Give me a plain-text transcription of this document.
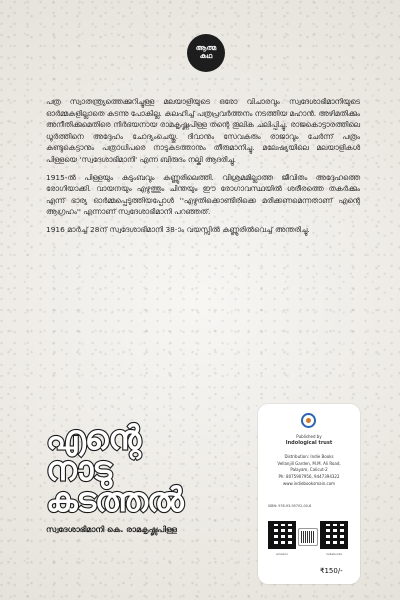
ആത്മ
കഥ

പത്ര സ്വാതന്ത്ര്യത്തെക്കുറിച്ചുള്ള മലയാളിയുടെ ഒരോ വിചാരവും സ്വദേശാഭിമാനിയുടെ ഓർമ്മകളില്ലാതെ കടന്നു പോകില്ല. കലഹിച്ച് പത്രപ്രവർത്തനം നടത്തിയ മഹാൻ. അഴിമതിക്കും അനീതിക്കുമെതിരെ നിർഭയനായ രാമകൃഷ്ണപിള്ള തന്റെ തൂലിക ചലിപ്പിച്ചു. രാജകൊട്ടാരത്തിലെ ധൂർത്തിനെ അദ്ദേഹം ചോദ്യംചെയ്തു. ദിവാനും സേവകരും രാജാവും ചേർന്ന് പത്രം കണ്ടുകെട്ടാനും പത്രാധിപരെ നാടുകടത്താനും തീരുമാനിച്ചു. മലേഷ്യയിലെ മലയാളികൾ പിള്ളയെ 'സ്വദേശാഭിമാനി' എന്ന ബിരുദം നല്കി ആദരിച്ചു.

1915-ൽ പിള്ളയും കുടുംബവും കണ്ണൂരിലെത്തി. വിശ്രമമില്ലാത്ത ജീവിതം അദ്ദേഹത്തെ രോഗിയാക്കി. വായനയും എഴുത്തും ചിന്തയും ഈ രോഗാവസ്ഥയിൽ ശരീരത്തെ തകർക്കും എന്ന് ഭാര്യ ഓർമ്മപ്പെടുത്തിയപ്പോൾ ''എഴുതിക്കൊണ്ടിരിക്കെ മരിക്കണമെന്നതാണ് എന്റെ ആഗ്രഹം'' എന്നാണ് സ്വദേശാഭിമാനി പറഞ്ഞത്.

1916 മാർച്ച് 28ന് സ്വദേശാഭിമാനി 38-ാം വയസ്സിൽ കണ്ണൂരിൽവെച്ച് അന്തരിച്ചു.

എന്റെ
നാടു
കടത്തൽ
സ്വദേശാഭിമാനി കെ. രാമകൃഷ്ണപിള്ള
Published by
Indological trust
Distribution: Indie Books
Vellanjill Garden, M.M. Ali Road,
Palayam, Calicut-2
Ph: 8075907956, 9447394322
www.indiebooksmain.com
ISBN: 978-93-95702-00-8
amazon	indiebooks
₹150/-
